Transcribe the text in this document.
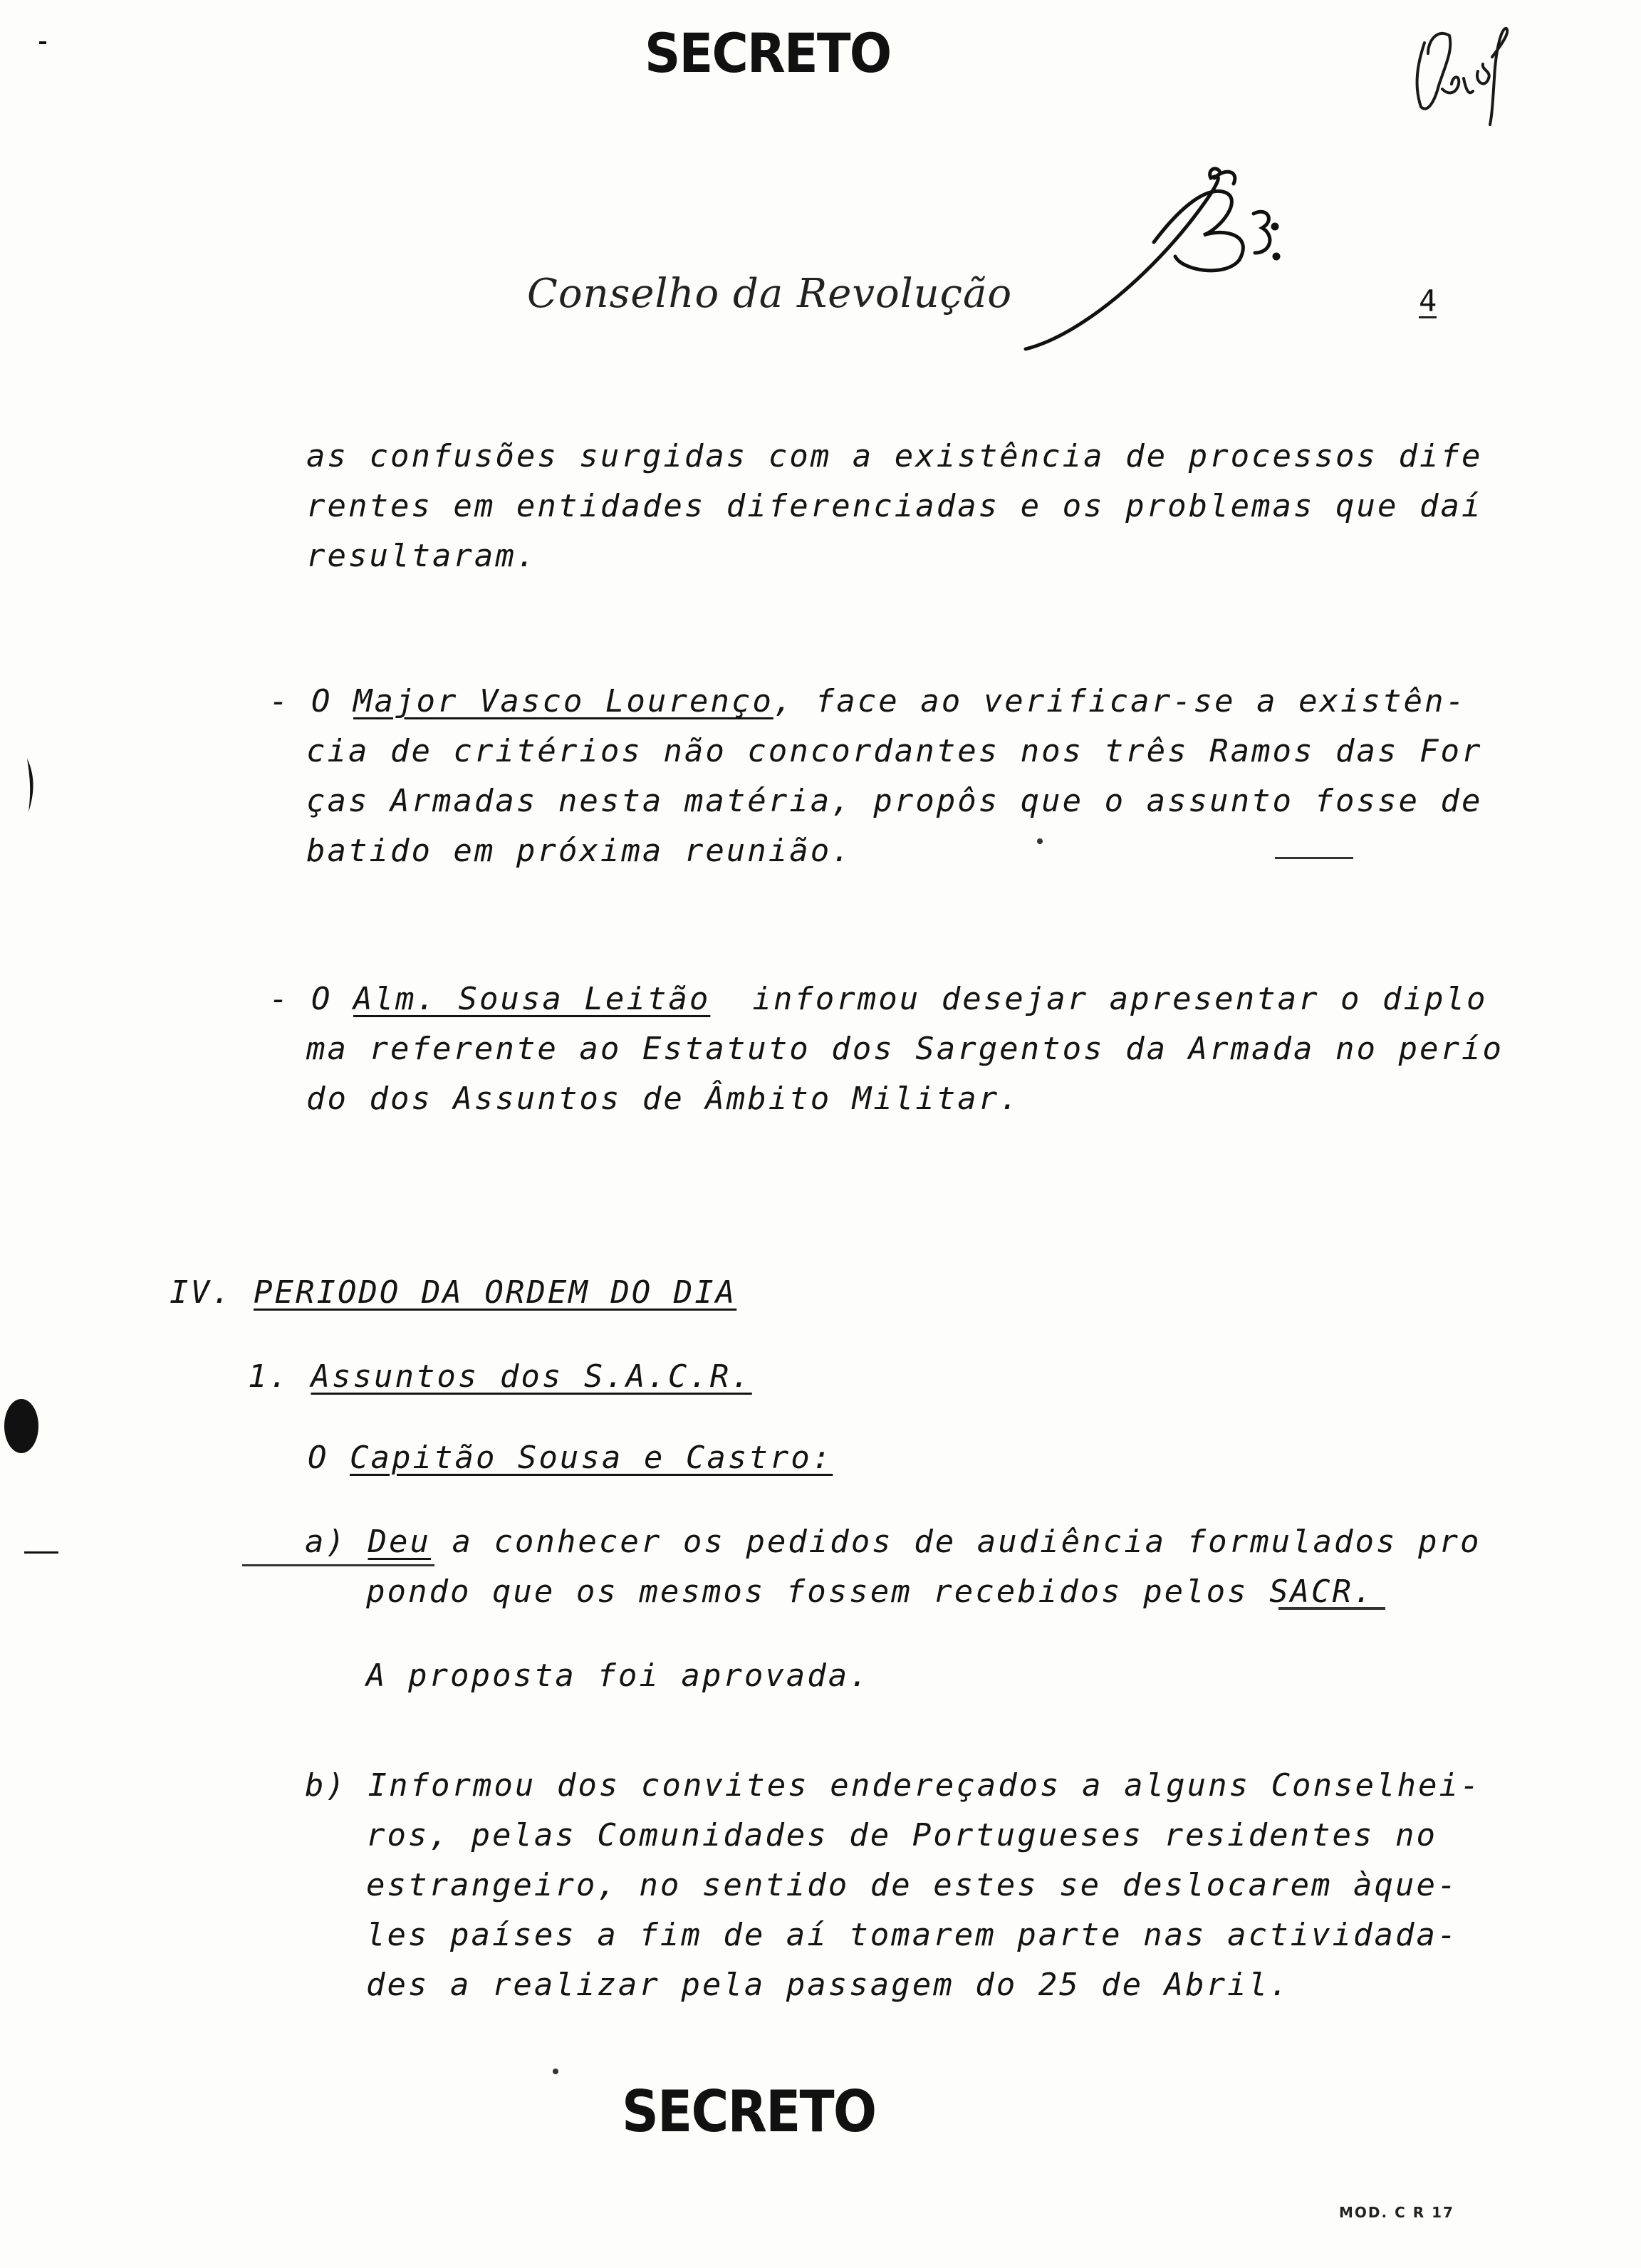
SECRETO
Conselho da Revolução	4
as confusões surgidas com a existência de processos dife
rentes em entidades diferenciadas e os problemas que daí
resultaram.
- O Major Vasco Lourenço, face ao verificar-se a existên-
cia de critérios não concordantes nos três Ramos das For
ças Armadas nesta matéria, propôs que o assunto fosse de
batido em próxima reunião.
- O Alm. Sousa Leitão  informou desejar apresentar o diplo
ma referente ao Estatuto dos Sargentos da Armada no perío
do dos Assuntos de Âmbito Militar.
IV. PERIODO DA ORDEM DO DIA
1. Assuntos dos S.A.C.R.
O Capitão Sousa e Castro:
a) Deu a conhecer os pedidos de audiência formulados pro
pondo que os mesmos fossem recebidos pelos SACR.
A proposta foi aprovada.
b) Informou dos convites endereçados a alguns Conselhei-
ros, pelas Comunidades de Portugueses residentes no
estrangeiro, no sentido de estes se deslocarem àque-
les países a fim de aí tomarem parte nas actividada-
des a realizar pela passagem do 25 de Abril.
SECRETO
MOD. C R 17
